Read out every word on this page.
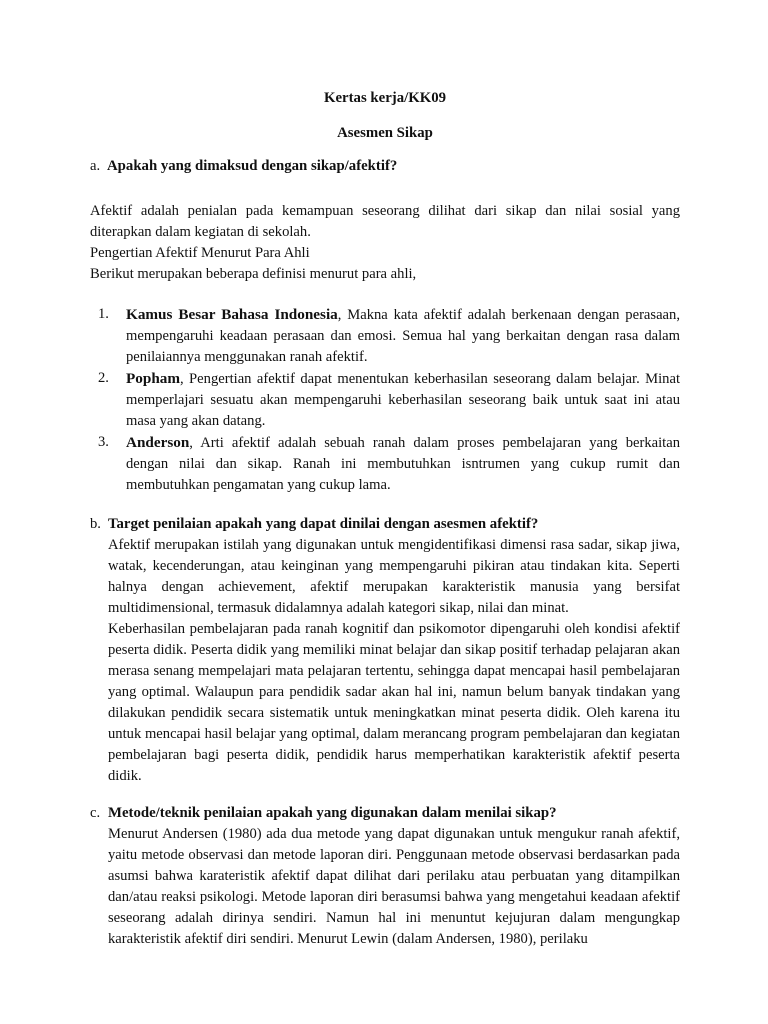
Kertas kerja/KK09

Asesmen Sikap

a. Apakah yang dimaksud dengan sikap/afektif?

Afektif adalah penialan pada kemampuan seseorang dilihat dari sikap dan nilai sosial yang diterapkan dalam kegiatan di sekolah.

Pengertian Afektif Menurut Para Ahli

Berikut merupakan beberapa definisi menurut para ahli,

1.	Kamus Besar Bahasa Indonesia, Makna kata afektif adalah berkenaan dengan perasaan, mempengaruhi keadaan perasaan dan emosi. Semua hal yang berkaitan dengan rasa dalam penilaiannya menggunakan ranah afektif.
2.	Popham, Pengertian afektif dapat menentukan keberhasilan seseorang dalam belajar. Minat memperlajari sesuatu akan mempengaruhi keberhasilan seseorang baik untuk saat ini atau masa yang akan datang.
3.	Anderson, Arti afektif adalah sebuah ranah dalam proses pembelajaran yang berkaitan dengan nilai dan sikap. Ranah ini membutuhkan isntrumen yang cukup rumit dan membutuhkan pengamatan yang cukup lama.
b. Target penilaian apakah yang dapat dinilai dengan asesmen afektif?

Afektif merupakan istilah yang digunakan untuk mengidentifikasi dimensi rasa sadar, sikap jiwa, watak, kecenderungan, atau keinginan yang mempengaruhi pikiran atau tindakan kita. Seperti halnya dengan achievement, afektif merupakan karakteristik manusia yang bersifat multidimensional, termasuk didalamnya adalah kategori sikap, nilai dan minat.

Keberhasilan pembelajaran pada ranah kognitif dan psikomotor dipengaruhi oleh kondisi afektif peserta didik. Peserta didik yang memiliki minat belajar dan sikap positif terhadap pelajaran akan merasa senang mempelajari mata pelajaran tertentu, sehingga dapat mencapai hasil pembelajaran yang optimal. Walaupun para pendidik sadar akan hal ini, namun belum banyak tindakan yang dilakukan pendidik secara sistematik untuk meningkatkan minat peserta didik. Oleh karena itu untuk mencapai hasil belajar yang optimal, dalam merancang program pembelajaran dan kegiatan pembelajaran bagi peserta didik, pendidik harus memperhatikan karakteristik afektif peserta didik.

c. Metode/teknik penilaian apakah yang digunakan dalam menilai sikap?

Menurut Andersen (1980) ada dua metode yang dapat digunakan untuk mengukur ranah afektif, yaitu metode observasi dan metode laporan diri. Penggunaan metode observasi berdasarkan pada asumsi bahwa karateristik afektif dapat dilihat dari perilaku atau perbuatan yang ditampilkan dan/atau reaksi psikologi. Metode laporan diri berasumsi bahwa yang mengetahui keadaan afektif seseorang adalah dirinya sendiri. Namun hal ini menuntut kejujuran dalam mengungkap karakteristik afektif diri sendiri. Menurut Lewin (dalam Andersen, 1980), perilaku
